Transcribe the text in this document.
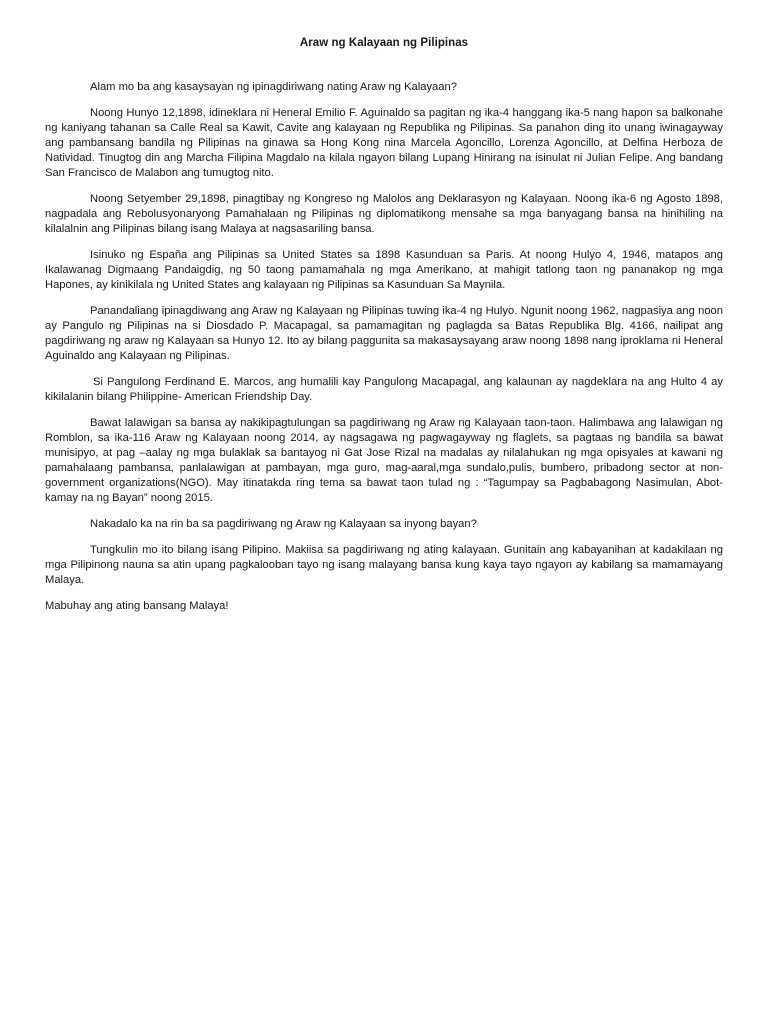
Araw ng Kalayaan ng Pilipinas

Alam mo ba ang kasaysayan ng ipinagdiriwang nating Araw ng Kalayaan?

Noong Hunyo 12,1898, idineklara ni Heneral Emilio F. Aguinaldo sa pagitan ng ika-4 hanggang ika-5 nang hapon sa balkonahe ng kaniyang tahanan sa Calle Real sa Kawit, Cavite ang kalayaan ng Republika ng Pilipinas. Sa panahon ding ito unang iwinagayway ang pambansang bandila ng Pilipinas na ginawa sa Hong Kong nina Marcela Agoncillo, Lorenza Agoncillo, at Delfina Herboza de Natividad. Tinugtog din ang Marcha Filipina Magdalo na kilala ngayon bilang Lupang Hinirang na isinulat ni Julian Felipe. Ang bandang San Francisco de Malabon ang tumugtog nito.

Noong Setyember 29,1898, pinagtibay ng Kongreso ng Malolos ang Deklarasyon ng Kalayaan. Noong ika-6 ng Agosto 1898, nagpadala ang Rebolusyonaryong Pamahalaan ng Pilipinas ng diplomatikong mensahe sa mga banyagang bansa na hinihiling na kilalalnin ang Pilipinas bilang isang Malaya at nagsasariling bansa.

Isinuko ng España ang Pilipinas sa United States sa 1898 Kasunduan sa Paris. At noong Hulyo 4, 1946, matapos ang Ikalawanag Digmaang Pandaigdig, ng 50 taong pamamahala ng mga Amerikano, at mahigit tatlong taon ng pananakop ng mga Hapones, ay kinikilala ng United States ang kalayaan ng Pilipinas sa Kasunduan Sa Maynila.

Panandaliang ipinagdiwang ang Araw ng Kalayaan ng Pilipinas tuwing ika-4 ng Hulyo. Ngunit noong 1962, nagpasiya ang noon ay Pangulo ng Pilipinas na si Diosdado P. Macapagal, sa pamamagitan ng paglagda sa Batas Republika Blg. 4166, nailipat ang pagdiriwang ng araw ng Kalayaan sa Hunyo 12. Ito ay bilang paggunita sa makasaysayang araw noong 1898 nang iproklama ni Heneral Aguinaldo ang Kalayaan ng Pilipinas.

Si Pangulong Ferdinand E. Marcos, ang humalili kay Pangulong Macapagal, ang kalaunan ay nagdeklara na ang Hulto 4 ay kikilalanin bilang Philippine- American Friendship Day.

Bawat lalawigan sa bansa ay nakikipagtulungan sa pagdiriwang ng Araw ng Kalayaan taon-taon. Halimbawa ang lalawigan ng Romblon, sa ika-116 Araw ng Kalayaan noong 2014, ay nagsagawa ng pagwagayway ng flaglets, sa pagtaas ng bandila sa bawat munisipyo, at pag –aalay ng mga bulaklak sa bantayog ni Gat Jose Rizal na madalas ay nilalahukan ng mga opisyales at kawani ng pamahalaang pambansa, panlalawigan at pambayan, mga guro, mag-aaral,mga sundalo,pulis, bumbero, pribadong sector at non-government organizations(NGO). May itinatakda ring tema sa bawat taon tulad ng : “Tagumpay sa Pagbabagong Nasimulan, Abot-kamay na ng Bayan” noong 2015.

Nakadalo ka na rin ba sa pagdiriwang ng Araw ng Kalayaan sa inyong bayan?

Tungkulin mo ito bilang isang Pilipino. Makiisa sa pagdiriwang ng ating kalayaan. Gunitain ang kabayanihan at kadakilaan ng mga Pilipinong nauna sa atin upang pagkalooban tayo ng isang malayang bansa kung kaya tayo ngayon ay kabilang sa mamamayang Malaya.

Mabuhay ang ating bansang Malaya!
